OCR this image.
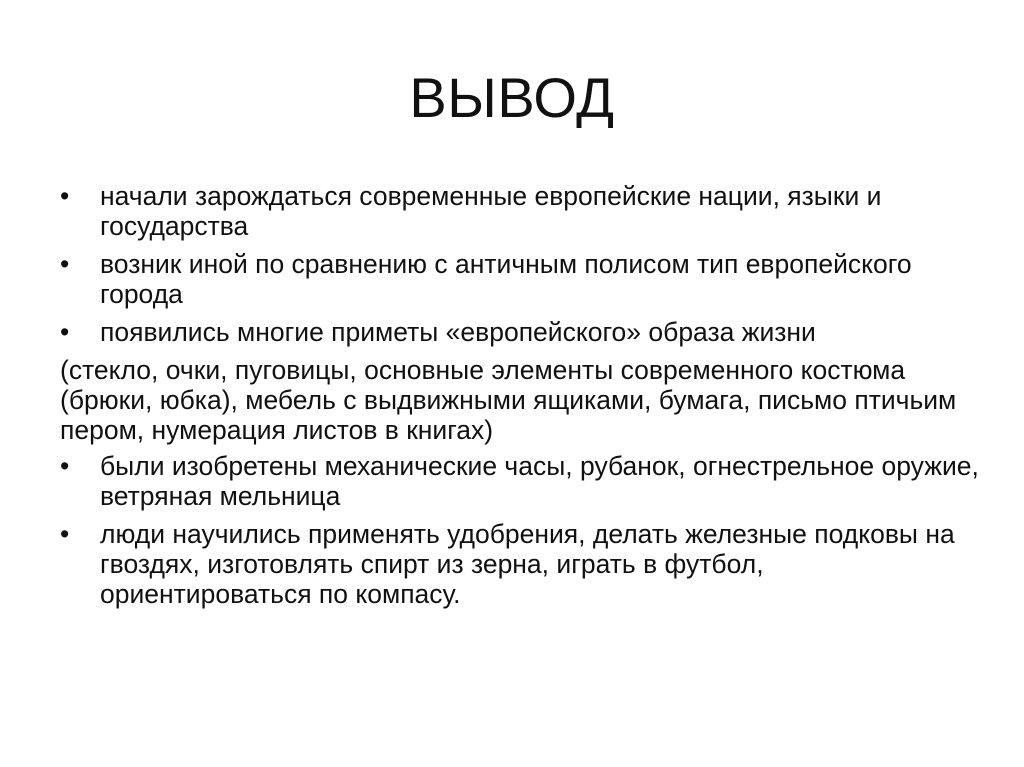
ВЫВОД
•	начали зарождаться современные европейские нации, языки и государства
•	возник иной по сравнению с античным полисом тип европейского города
•	появились многие приметы «европейского» образа жизни
(стекло, очки, пуговицы, основные элементы современного костюма (брюки, юбка), мебель с выдвижными ящиками, бумага, письмо птичьим пером, нумерация листов в книгах)
•	были изобретены механические часы, рубанок, огнестрельное оружие, ветряная мельница
•	люди научились применять удобрения, делать железные подковы на гвоздях, изготовлять спирт из зерна, играть в футбол, ориентироваться по компасу.
